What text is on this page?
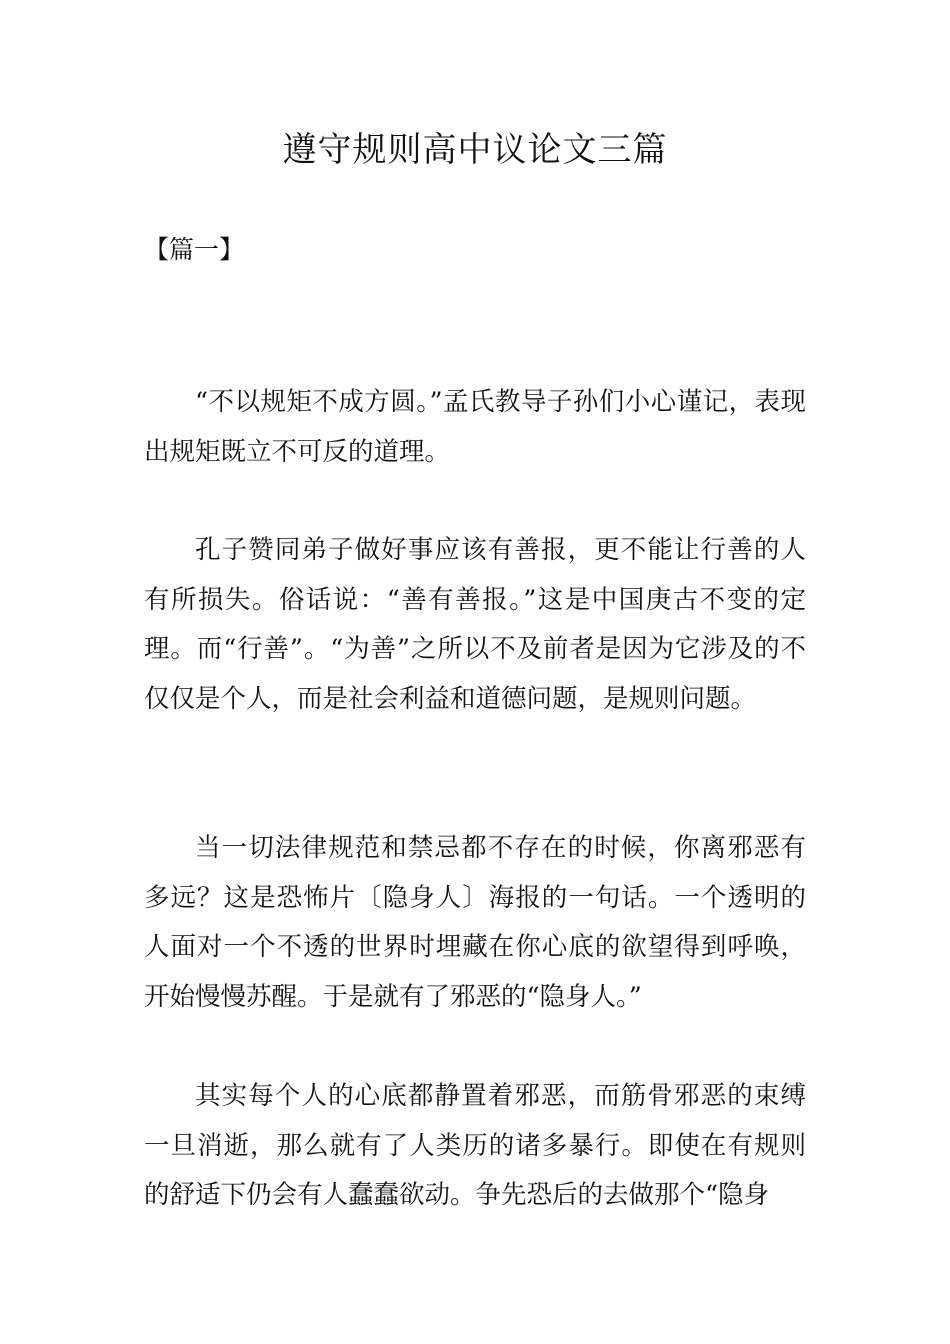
遵守规则高中议论文三篇

【篇一】

“不以规矩不成方圆。”孟氏教导子孙们小心谨记，表现出规矩既立不可反的道理。

孔子赞同弟子做好事应该有善报，更不能让行善的人有所损失。俗话说：“善有善报。”这是中国庚古不变的定理。而“行善”。“为善”之所以不及前者是因为它涉及的不仅仅是个人，而是社会利益和道德问题，是规则问题。

当一切法律规范和禁忌都不存在的时候，你离邪恶有多远？这是恐怖片〔隐身人〕海报的一句话。一个透明的人面对一个不透的世界时埋藏在你心底的欲望得到呼唤，开始慢慢苏醒。于是就有了邪恶的“隐身人。”

其实每个人的心底都静置着邪恶，而筋骨邪恶的束缚一旦消逝，那么就有了人类历的诸多暴行。即使在有规则的舒适下仍会有人蠢蠢欲动。争先恐后的去做那个“隐身
